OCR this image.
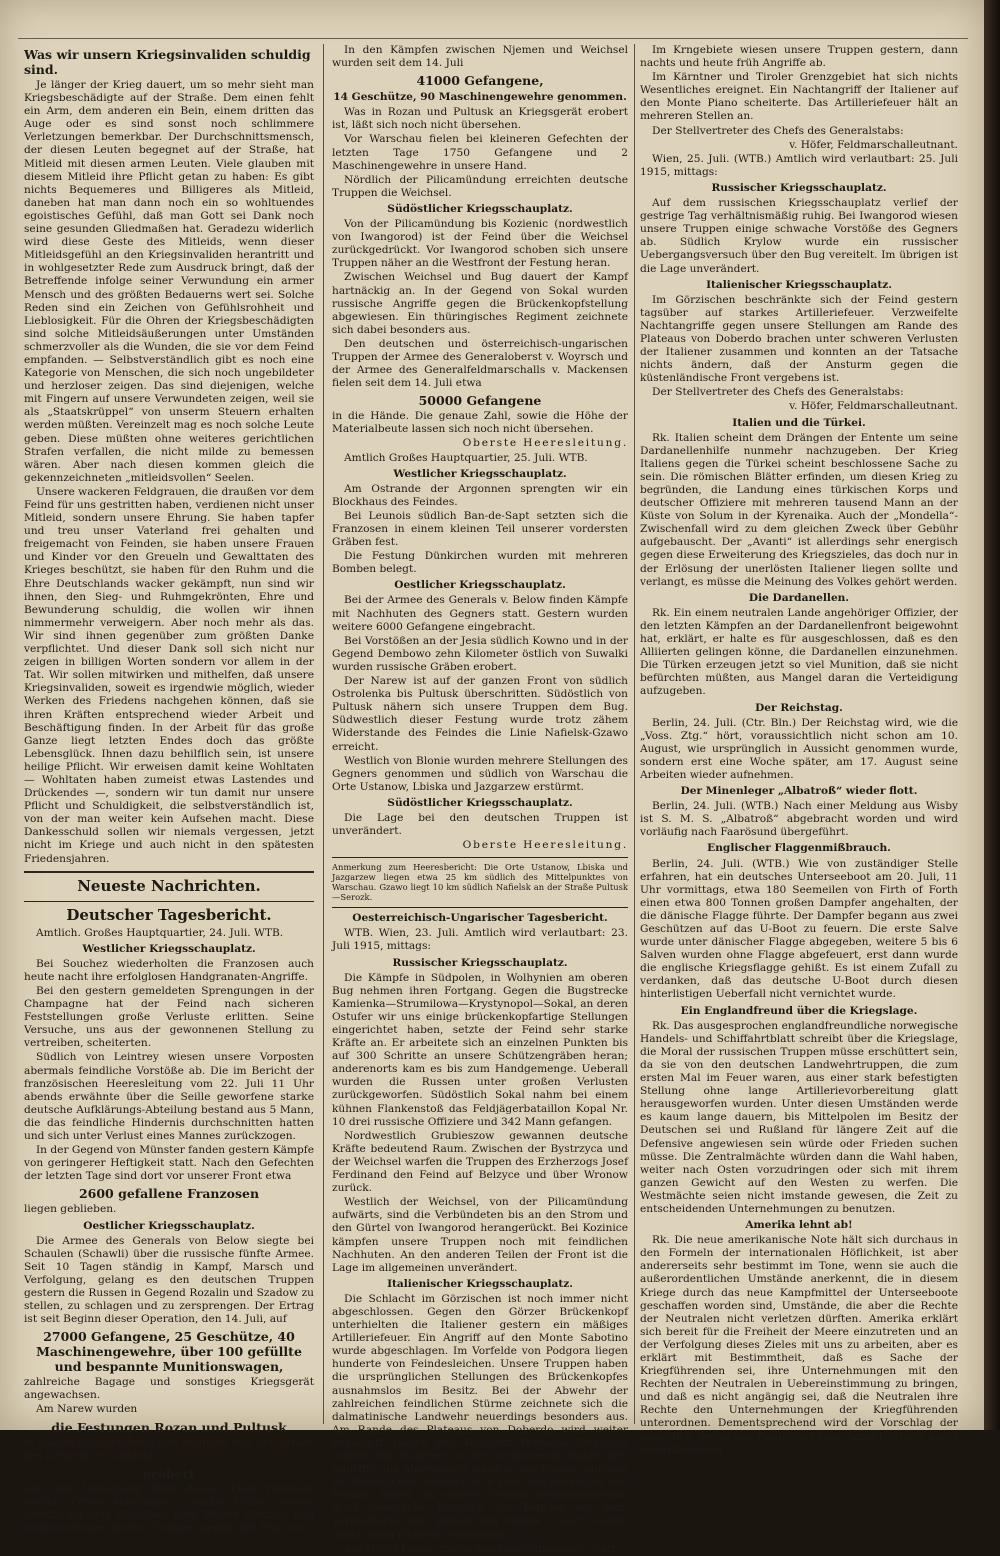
Was wir unsern Kriegsinvaliden schuldig sind.

Je länger der Krieg dauert, um so mehr sieht man Kriegsbeschädigte auf der Straße. Dem einen fehlt ein Arm, dem anderen ein Bein, einem dritten das Auge oder es sind sonst noch schlimmere Verletzungen bemerkbar. Der Durchschnittsmensch, der diesen Leuten begegnet auf der Straße, hat Mitleid mit diesen armen Leuten. Viele glauben mit diesem Mitleid ihre Pflicht getan zu haben: Es gibt nichts Bequemeres und Billigeres als Mitleid, daneben hat man dann noch ein so wohltuendes egoistisches Gefühl, daß man Gott sei Dank noch seine gesunden Gliedmaßen hat. Geradezu widerlich wird diese Geste des Mitleids, wenn dieser Mitleidsgefühl an den Kriegsinvaliden herantritt und in wohlgesetzter Rede zum Ausdruck bringt, daß der Betreffende infolge seiner Verwundung ein armer Mensch und des größten Bedauerns wert sei. Solche Reden sind ein Zeichen von Gefühlsrohheit und Lieblosigkeit. Für die Ohren der Kriegsbeschädigten sind solche Mitleidsäußerungen unter Umständen schmerzvoller als die Wunden, die sie vor dem Feind empfanden. — Selbstverständlich gibt es noch eine Kategorie von Menschen, die sich noch ungebildeter und herzloser zeigen. Das sind diejenigen, welche mit Fingern auf unsere Verwundeten zeigen, weil sie als „Staatskrüppel“ von unserm Steuern erhalten werden müßten. Vereinzelt mag es noch solche Leute geben. Diese müßten ohne weiteres gerichtlichen Strafen verfallen, die nicht milde zu bemessen wären. Aber nach diesen kommen gleich die gekennzeichneten „mitleidsvollen“ Seelen.

Unsere wackeren Feldgrauen, die draußen vor dem Feind für uns gestritten haben, verdienen nicht unser Mitleid, sondern unsere Ehrung. Sie haben tapfer und treu unser Vaterland frei gehalten und freigemacht von Feinden, sie haben unsere Frauen und Kinder vor den Greueln und Gewalttaten des Krieges beschützt, sie haben für den Ruhm und die Ehre Deutschlands wacker gekämpft, nun sind wir ihnen, den Sieg- und Ruhmgekrönten, Ehre und Bewunderung schuldig, die wollen wir ihnen nimmermehr verweigern. Aber noch mehr als das. Wir sind ihnen gegenüber zum größten Danke verpflichtet. Und dieser Dank soll sich nicht nur zeigen in billigen Worten sondern vor allem in der Tat. Wir sollen mitwirken und mithelfen, daß unsere Kriegsinvaliden, soweit es irgendwie möglich, wieder Werken des Friedens nachgehen können, daß sie ihren Kräften entsprechend wieder Arbeit und Beschäftigung finden. In der Arbeit für das große Ganze liegt letzten Endes doch das größte Lebensglück. Ihnen dazu behilflich sein, ist unsere heilige Pflicht. Wir erweisen damit keine Wohltaten — Wohltaten haben zumeist etwas Lastendes und Drückendes —, sondern wir tun damit nur unsere Pflicht und Schuldigkeit, die selbstverständlich ist, von der man weiter kein Aufsehen macht. Diese Dankesschuld sollen wir niemals vergessen, jetzt nicht im Kriege und auch nicht in den spätesten Friedensjahren.

Neueste Nachrichten.
Deutscher Tagesbericht.

Amtlich. Großes Hauptquartier, 24. Juli. WTB.

Westlicher Kriegsschauplatz.

Bei Souchez wiederholten die Franzosen auch heute nacht ihre erfolglosen Handgranaten-Angriffe.

Bei den gestern gemeldeten Sprengungen in der Champagne hat der Feind nach sicheren Feststellungen große Verluste erlitten. Seine Versuche, uns aus der gewonnenen Stellung zu vertreiben, scheiterten.

Südlich von Leintrey wiesen unsere Vorposten abermals feindliche Vorstöße ab. Die im Bericht der französischen Heeresleitung vom 22. Juli 11 Uhr abends erwähnte über die Seille geworfene starke deutsche Aufklärungs-Abteilung bestand aus 5 Mann, die das feindliche Hindernis durchschnitten hatten und sich unter Verlust eines Mannes zurückzogen.

In der Gegend von Münster fanden gestern Kämpfe von geringerer Heftigkeit statt. Nach den Gefechten der letzten Tage sind dort vor unserer Front etwa

2600 gefallene Franzosen

liegen geblieben.

Oestlicher Kriegsschauplatz.

Die Armee des Generals von Below siegte bei Schaulen (Schawli) über die russische fünfte Armee. Seit 10 Tagen ständig in Kampf, Marsch und Verfolgung, gelang es den deutschen Truppen gestern die Russen in Gegend Rozalin und Szadow zu stellen, zu schlagen und zu zersprengen. Der Ertrag ist seit Beginn dieser Operation, den 14. Juli, auf

27000 Gefangene, 25 Geschütze, 40 Maschinengewehre, über 100 gefüllte und bespannte Munitionswagen,

zahlreiche Bagage und sonstiges Kriegsgerät angewachsen.

Am Narew wurden

die Festungen Rozan und Pultusk

in zähem unwiderstehlichen Ansturm von der Armee des Generals v. Gallwitz

erobert

und der Uebergang über diesen Fluß zwischen beiden Orten erzwungen. Starke Kräfte stehen bereits auf dem südlichen Ufer. Weiter nördlich und südlich bringen unsere Truppen gegen den Fluß vor.

In den Kämpfen zwischen Njemen und Weichsel wurden seit dem 14. Juli

41000 Gefangene,
14 Geschütze, 90 Maschinengewehre genommen.

Was in Rozan und Pultusk an Kriegsgerät erobert ist, läßt sich noch nicht übersehen.

Vor Warschau fielen bei kleineren Gefechten der letzten Tage 1750 Gefangene und 2 Maschinengewehre in unsere Hand.

Nördlich der Pilicamündung erreichten deutsche Truppen die Weichsel.

Südöstlicher Kriegsschauplatz.

Von der Pilicamündung bis Kozienic (nordwestlich von Iwangorod) ist der Feind über die Weichsel zurückgedrückt. Vor Iwangorod schoben sich unsere Truppen näher an die Westfront der Festung heran.

Zwischen Weichsel und Bug dauert der Kampf hartnäckig an. In der Gegend von Sokal wurden russische Angriffe gegen die Brückenkopfstellung abgewiesen. Ein thüringisches Regiment zeichnete sich dabei besonders aus.

Den deutschen und österreichisch-ungarischen Truppen der Armee des Generaloberst v. Woyrsch und der Armee des Generalfeldmarschalls v. Mackensen fielen seit dem 14. Juli etwa

50000 Gefangene

in die Hände. Die genaue Zahl, sowie die Höhe der Materialbeute lassen sich noch nicht übersehen.

Oberste Heeresleitung.

Amtlich Großes Hauptquartier, 25. Juli. WTB.

Westlicher Kriegsschauplatz.

Am Ostrande der Argonnen sprengten wir ein Blockhaus des Feindes.

Bei Leunois südlich Ban-de-Sapt setzten sich die Franzosen in einem kleinen Teil unserer vordersten Gräben fest.

Die Festung Dünkirchen wurden mit mehreren Bomben belegt.

Oestlicher Kriegsschauplatz.

Bei der Armee des Generals v. Below finden Kämpfe mit Nachhuten des Gegners statt. Gestern wurden weitere 6000 Gefangene eingebracht.

Bei Vorstößen an der Jesia südlich Kowno und in der Gegend Dembowo zehn Kilometer östlich von Suwalki wurden russische Gräben erobert.

Der Narew ist auf der ganzen Front von südlich Ostrolenka bis Pultusk überschritten. Südöstlich von Pultusk nähern sich unsere Truppen dem Bug. Südwestlich dieser Festung wurde trotz zähem Widerstande des Feindes die Linie Nafielsk-Gzawo erreicht.

Westlich von Blonie wurden mehrere Stellungen des Gegners genommen und südlich von Warschau die Orte Ustanow, Lbiska und Jazgarzew erstürmt.

Südöstlicher Kriegsschauplatz.

Die Lage bei den deutschen Truppen ist unverändert.

Oberste Heeresleitung.

Anmerkung zum Heeresbericht: Die Orte Ustanow, Lbiska und Jazgarzew liegen etwa 25 km südlich des Mittelpunktes von Warschau. Gzawo liegt 10 km südlich Nafielsk an der Straße Pultusk—Serozk.

Oesterreichisch-Ungarischer Tagesbericht.

WTB. Wien, 23. Juli. Amtlich wird verlautbart: 23. Juli 1915, mittags:

Russischer Kriegsschauplatz.

Die Kämpfe in Südpolen, in Wolhynien am oberen Bug nehmen ihren Fortgang. Gegen die Bugstrecke Kamienka—Strumilowa—Krystynopol—Sokal, an deren Ostufer wir uns einige brückenkopfartige Stellungen eingerichtet haben, setzte der Feind sehr starke Kräfte an. Er arbeitete sich an einzelnen Punkten bis auf 300 Schritte an unsere Schützengräben heran; anderenorts kam es bis zum Handgemenge. Ueberall wurden die Russen unter großen Verlusten zurückgeworfen. Südöstlich Sokal nahm bei einem kühnen Flankenstoß das Feldjägerbataillon Kopal Nr. 10 drei russische Offiziere und 342 Mann gefangen.

Nordwestlich Grubieszow gewannen deutsche Kräfte bedeutend Raum. Zwischen der Bystrzyca und der Weichsel warfen die Truppen des Erzherzogs Josef Ferdinand den Feind auf Belzyce und über Wronow zurück.

Westlich der Weichsel, von der Pilicamündung aufwärts, sind die Verbündeten bis an den Strom und den Gürtel von Iwangorod herangerückt. Bei Kozinice kämpfen unsere Truppen noch mit feindlichen Nachhuten. An den anderen Teilen der Front ist die Lage im allgemeinen unverändert.

Italienischer Kriegsschauplatz.

Die Schlacht im Görzischen ist noch immer nicht abgeschlossen. Gegen den Görzer Brückenkopf unterhielten die Italiener gestern ein mäßiges Artilleriefeuer. Ein Angriff auf den Monte Sabotino wurde abgeschlagen. Im Vorfelde von Podgora liegen hunderte von Feindesleichen. Unsere Truppen haben die ursprünglichen Stellungen des Brückenkopfes ausnahmslos im Besitz. Bei der Abwehr der zahlreichen feindlichen Stürme zeichnete sich die dalmatinische Landwehr neuerdings besonders aus. Am Rande des Plateaus von Doberdo wird weiter gekämpft. Gegen den Abschnitt Peteano—Sbrausina setzten die Italiener in der verflossenen Nacht drei Angriffe, die abgewiesen wurden, an. Ebenso mißlang ein Versuch des Gegners, sich zwischen Sbrausina und Polazzo näher an unsere Gräben heranzuarbeiten. Auch neuerliche Vorstöße des Feindes bei Selz, Vermegliano und gegen den Monte Cosich waren gleich allen früheren vergeblich.

Am Mittel-Isonzo finden nur Geschützkämpfe statt.

Im Krngebiete wiesen unsere Truppen gestern, dann nachts und heute früh Angriffe ab.

Im Kärntner und Tiroler Grenzgebiet hat sich nichts Wesentliches ereignet. Ein Nachtangriff der Italiener auf den Monte Piano scheiterte. Das Artilleriefeuer hält an mehreren Stellen an.

Der Stellvertreter des Chefs des Generalstabs:

v. Höfer, Feldmarschalleutnant.

Wien, 25. Juli. (WTB.) Amtlich wird verlautbart: 25. Juli 1915, mittags:

Russischer Kriegsschauplatz.

Auf dem russischen Kriegsschauplatz verlief der gestrige Tag verhältnismäßig ruhig. Bei Iwangorod wiesen unsere Truppen einige schwache Vorstöße des Gegners ab. Südlich Krylow wurde ein russischer Uebergangsversuch über den Bug vereitelt. Im übrigen ist die Lage unverändert.

Italienischer Kriegsschauplatz.

Im Görzischen beschränkte sich der Feind gestern tagsüber auf starkes Artilleriefeuer. Verzweifelte Nachtangriffe gegen unsere Stellungen am Rande des Plateaus von Doberdo brachen unter schweren Verlusten der Italiener zusammen und konnten an der Tatsache nichts ändern, daß der Ansturm gegen die küstenländische Front vergebens ist.

Der Stellvertreter des Chefs des Generalstabs:

v. Höfer, Feldmarschalleutnant.

Italien und die Türkei.

Rk. Italien scheint dem Drängen der Entente um seine Dardanellenhilfe nunmehr nachzugeben. Der Krieg Italiens gegen die Türkei scheint beschlossene Sache zu sein. Die römischen Blätter erfinden, um diesen Krieg zu begründen, die Landung eines türkischen Korps und deutscher Offiziere mit mehreren tausend Mann an der Küste von Solum in der Kyrenaika. Auch der „Mondella“-Zwischenfall wird zu dem gleichen Zweck über Gebühr aufgebauscht. Der „Avanti“ ist allerdings sehr energisch gegen diese Erweiterung des Kriegszieles, das doch nur in der Erlösung der unerlösten Italiener liegen sollte und verlangt, es müsse die Meinung des Volkes gehört werden.

Die Dardanellen.

Rk. Ein einem neutralen Lande angehöriger Offizier, der den letzten Kämpfen an der Dardanellenfront beigewohnt hat, erklärt, er halte es für ausgeschlossen, daß es den Alliierten gelingen könne, die Dardanellen einzunehmen. Die Türken erzeugen jetzt so viel Munition, daß sie nicht befürchten müßten, aus Mangel daran die Verteidigung aufzugeben.

Der Reichstag.

Berlin, 24. Juli. (Ctr. Bln.) Der Reichstag wird, wie die „Voss. Ztg.“ hört, voraussichtlich nicht schon am 10. August, wie ursprünglich in Aussicht genommen wurde, sondern erst eine Woche später, am 17. August seine Arbeiten wieder aufnehmen.

Der Minenleger „Albatroß“ wieder flott.

Berlin, 24. Juli. (WTB.) Nach einer Meldung aus Wisby ist S. M. S. „Albatroß“ abgebracht worden und wird vorläufig nach Faarösund übergeführt.

Englischer Flaggenmißbrauch.

Berlin, 24. Juli. (WTB.) Wie von zuständiger Stelle erfahren, hat ein deutsches Unterseeboot am 20. Juli, 11 Uhr vormittags, etwa 180 Seemeilen von Firth of Forth einen etwa 800 Tonnen großen Dampfer angehalten, der die dänische Flagge führte. Der Dampfer begann aus zwei Geschützen auf das U-Boot zu feuern. Die erste Salve wurde unter dänischer Flagge abgegeben, weitere 5 bis 6 Salven wurden ohne Flagge abgefeuert, erst dann wurde die englische Kriegsflagge gehißt. Es ist einem Zufall zu verdanken, daß das deutsche U-Boot durch diesen hinterlistigen Ueberfall nicht vernichtet wurde.

Ein Englandfreund über die Kriegslage.

Rk. Das ausgesprochen englandfreundliche norwegische Handels- und Schiffahrtblatt schreibt über die Kriegslage, die Moral der russischen Truppen müsse erschüttert sein, da sie von den deutschen Landwehrtruppen, die zum ersten Mal im Feuer waren, aus einer stark befestigten Stellung ohne lange Artillerievorbereitung glatt herausgeworfen wurden. Unter diesen Umständen werde es kaum lange dauern, bis Mittelpolen im Besitz der Deutschen sei und Rußland für längere Zeit auf die Defensive angewiesen sein würde oder Frieden suchen müsse. Die Zentralmächte würden dann die Wahl haben, weiter nach Osten vorzudringen oder sich mit ihrem ganzen Gewicht auf den Westen zu werfen. Die Westmächte seien nicht imstande gewesen, die Zeit zu entscheidenden Unternehmungen zu benutzen.

Amerika lehnt ab!

Rk. Die neue amerikanische Note hält sich durchaus in den Formeln der internationalen Höflichkeit, ist aber andererseits sehr bestimmt im Tone, wenn sie auch die außerordentlichen Umstände anerkennt, die in diesem Kriege durch das neue Kampfmittel der Unterseeboote geschaffen worden sind, Umstände, die aber die Rechte der Neutralen nicht verletzen dürften. Amerika erklärt sich bereit für die Freiheit der Meere einzutreten und an der Verfolgung dieses Zieles mit uns zu arbeiten, aber es erklärt mit Bestimmtheit, daß es Sache der Kriegführenden sei, ihre Unternehmungen mit den Rechten der Neutralen in Uebereinstimmung zu bringen, und daß es nicht angängig sei, daß die Neutralen ihre Rechte den Unternehmungen der Kriegführenden unterordnen. Dementsprechend wird der Vorschlag der kaiserlich deutschen Regierung eine Anzahl Schiffe unter amerikanischer
